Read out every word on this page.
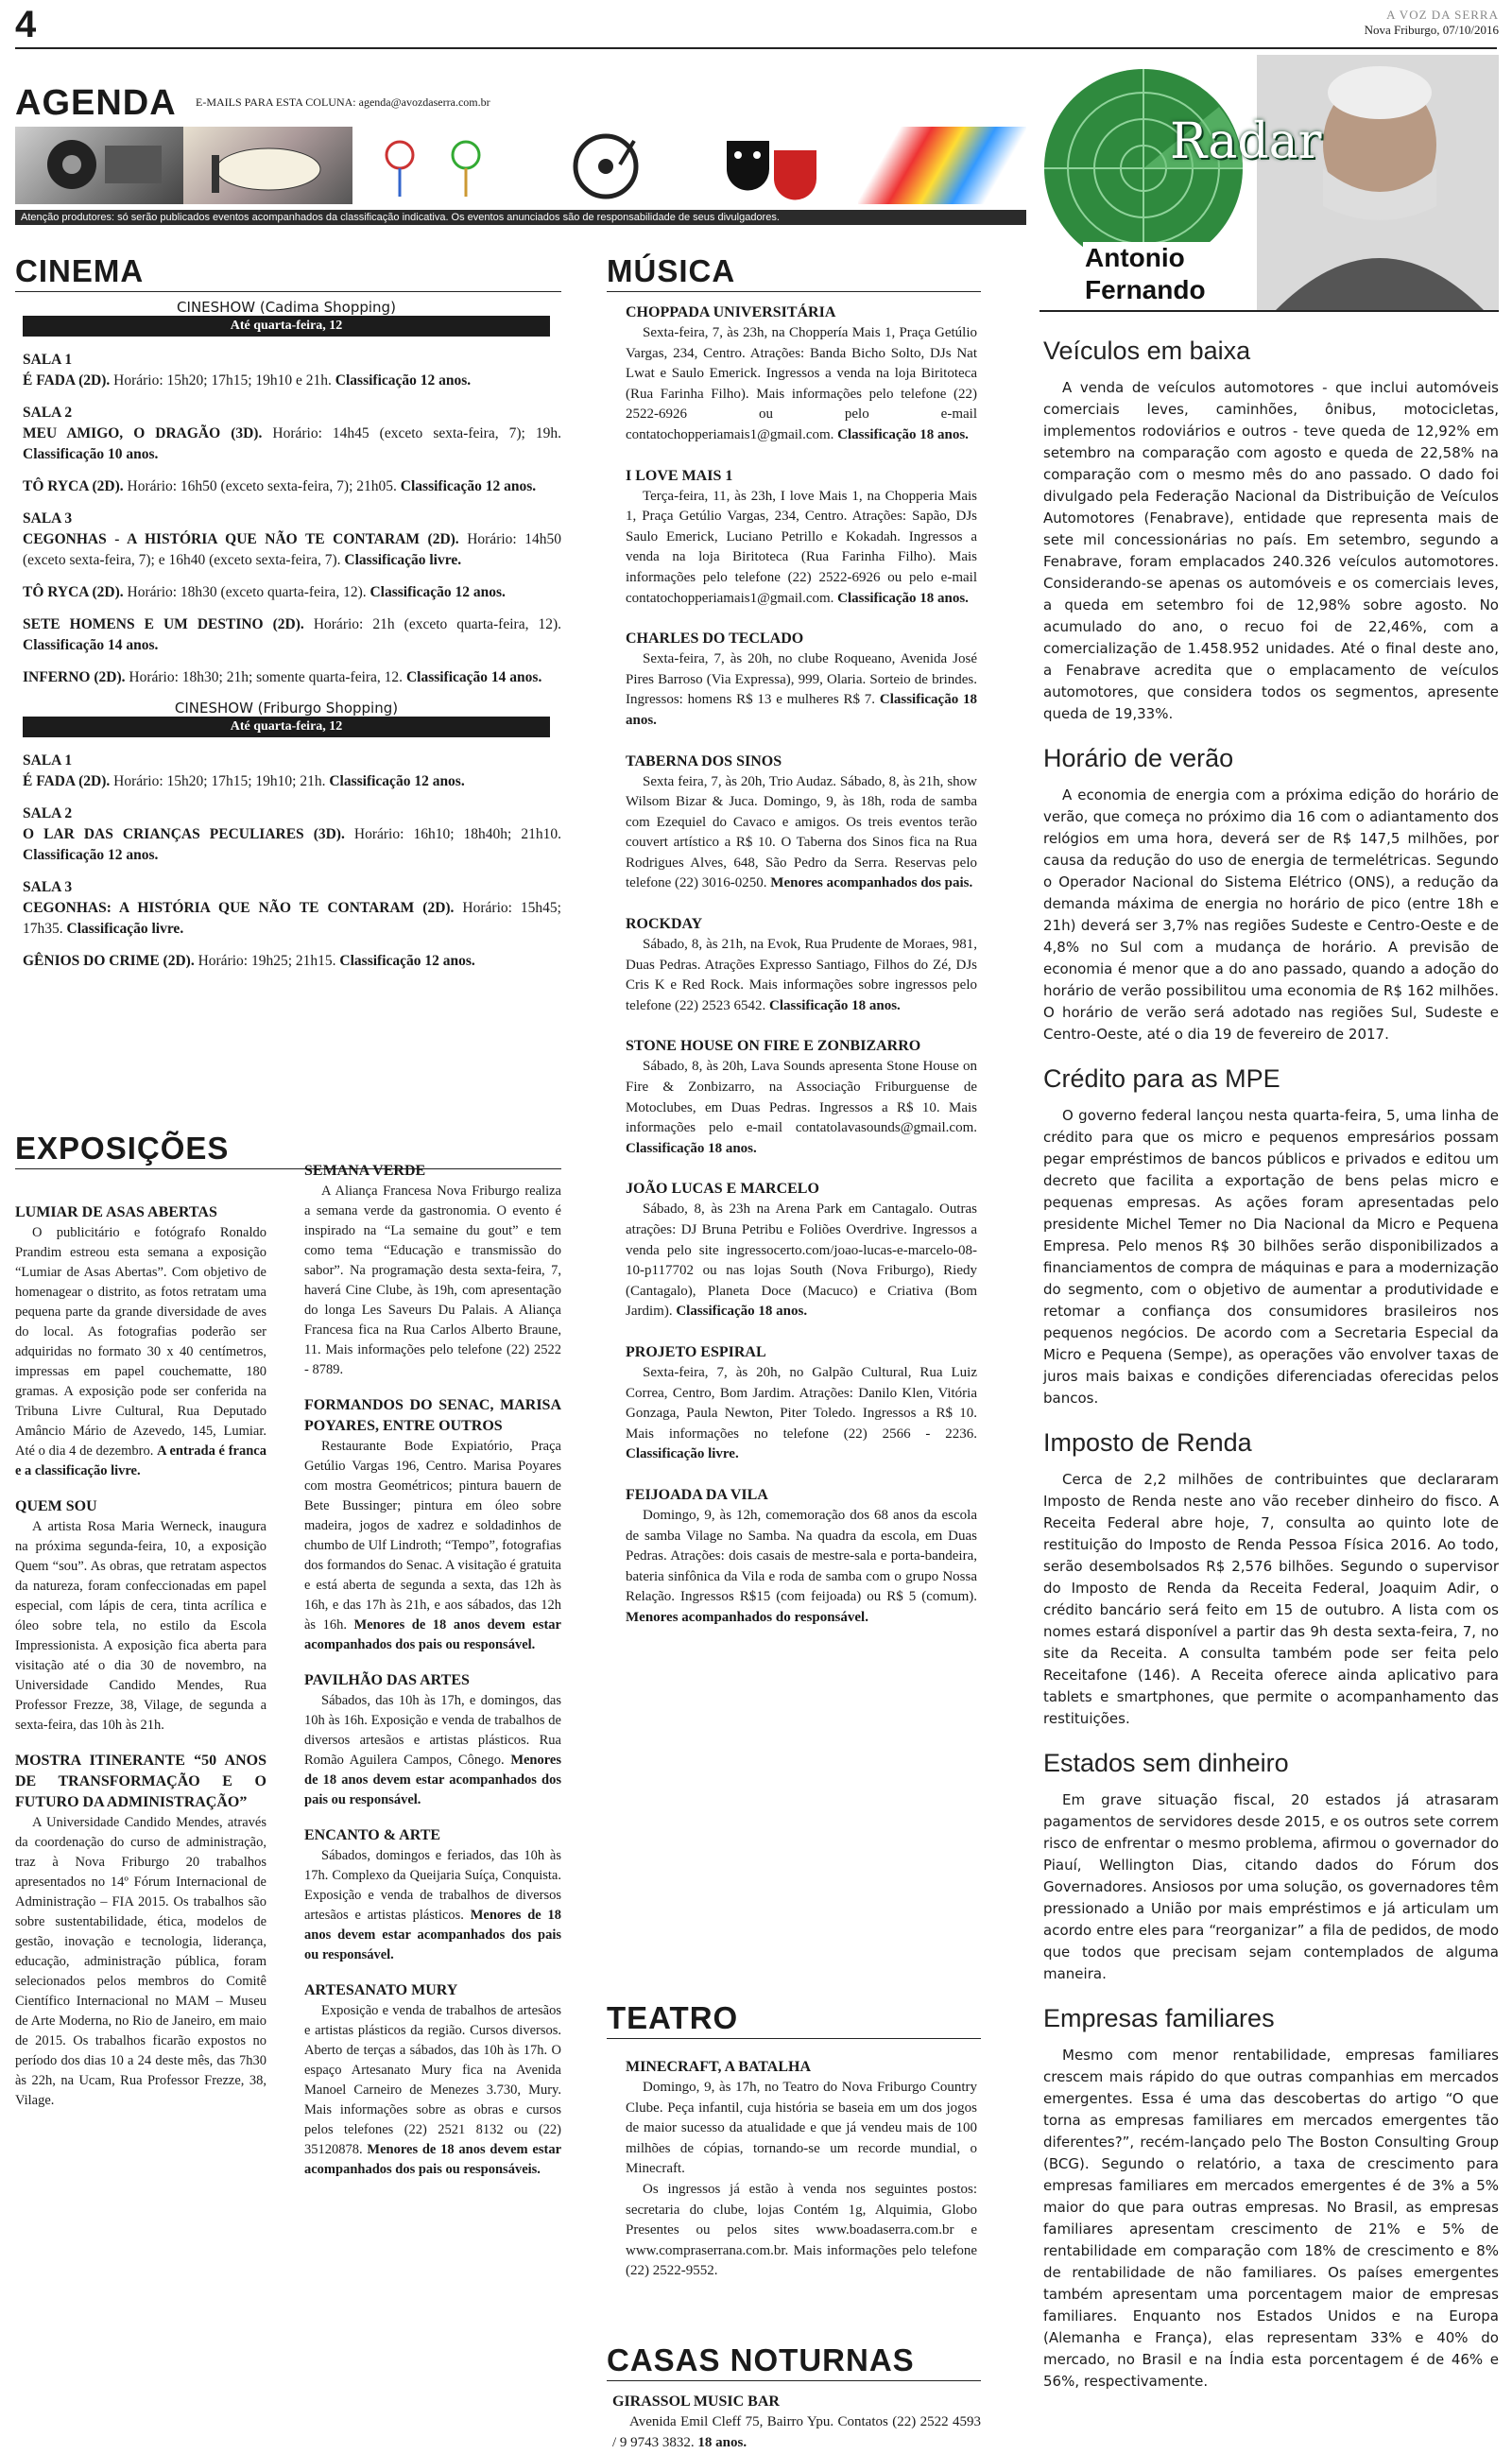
4	A VOZ DA SERRA
Nova Friburgo, 07/10/2016
AGENDA E-MAILS PARA ESTA COLUNA: agenda@avozdaserra.com.br
Atenção produtores: só serão publicados eventos acompanhados da classificação indicativa. Os eventos anunciados são de responsabilidade de seus divulgadores.
Radar
Antonio
Fernando
CINEMA
CINESHOW (Cadima Shopping)
Até quarta-feira, 12
SALA 1
É FADA (2D). Horário: 15h20; 17h15; 19h10 e 21h. Classificação 12 anos.
SALA 2
MEU AMIGO, O DRAGÃO (3D). Horário: 14h45 (exceto sexta-feira, 7); 19h. Classificação 10 anos.
TÔ RYCA (2D). Horário: 16h50 (exceto sexta-feira, 7); 21h05. Classificação 12 anos.
SALA 3
CEGONHAS - A HISTÓRIA QUE NÃO TE CONTARAM (2D). Horário: 14h50 (exceto sexta-feira, 7); e 16h40 (exceto sexta-feira, 7). Classificação livre.
TÔ RYCA (2D). Horário: 18h30 (exceto quarta-feira, 12). Classificação 12 anos.
SETE HOMENS E UM DESTINO (2D). Horário: 21h (exceto quarta-feira, 12). Classificação 14 anos.
INFERNO (2D). Horário: 18h30; 21h; somente quarta-feira, 12. Classificação 14 anos.
CINESHOW (Friburgo Shopping)
Até quarta-feira, 12
SALA 1
É FADA (2D). Horário: 15h20; 17h15; 19h10; 21h. Classificação 12 anos.
SALA 2
O LAR DAS CRIANÇAS PECULIARES (3D). Horário: 16h10; 18h40h; 21h10. Classificação 12 anos.
SALA 3
CEGONHAS: A HISTÓRIA QUE NÃO TE CONTARAM (2D). Horário: 15h45; 17h35. Classificação livre.
GÊNIOS DO CRIME (2D). Horário: 19h25; 21h15. Classificação 12 anos.
EXPOSIÇÕES
LUMIAR DE ASAS ABERTAS
O publicitário e fotógrafo Ronaldo Prandim estreou esta semana a exposição “Lumiar de Asas Abertas”. Com objetivo de homenagear o distrito, as fotos retratam uma pequena parte da grande diversidade de aves do local. As fotografias poderão ser adquiridas no formato 30 x 40 centímetros, impressas em papel couchematte, 180 gramas. A exposição pode ser conferida na Tribuna Livre Cultural, Rua Deputado Amâncio Mário de Azevedo, 145, Lumiar. Até o dia 4 de dezembro. A entrada é franca e a classificação livre.
QUEM SOU
A artista Rosa Maria Werneck, inaugura na próxima segunda-feira, 10, a exposição Quem “sou”. As obras, que retratam aspectos da natureza, foram confeccionadas em papel especial, com lápis de cera, tinta acrílica e óleo sobre tela, no estilo da Escola Impressionista. A exposição fica aberta para visitação até o dia 30 de novembro, na Universidade Candido Mendes, Rua Professor Frezze, 38, Vilage, de segunda a sexta-feira, das 10h às 21h.
MOSTRA ITINERANTE “50 ANOS DE TRANSFORMAÇÃO E O FUTURO DA ADMINISTRAÇÃO”
A Universidade Candido Mendes, através da coordenação do curso de administração, traz à Nova Friburgo 20 trabalhos apresentados no 14º Fórum Internacional de Administração – FIA 2015. Os trabalhos são sobre sustentabilidade, ética, modelos de gestão, inovação e tecnologia, liderança, educação, administração pública, foram selecionados pelos membros do Comitê Científico Internacional no MAM – Museu de Arte Moderna, no Rio de Janeiro, em maio de 2015. Os trabalhos ficarão expostos no período dos dias 10 a 24 deste mês, das 7h30 às 22h, na Ucam, Rua Professor Frezze, 38, Vilage.
SEMANA VERDE
A Aliança Francesa Nova Friburgo realiza a semana verde da gastronomia. O evento é inspirado na “La semaine du gout” e tem como tema “Educação e transmissão do sabor”. Na programação desta sexta-feira, 7, haverá Cine Clube, às 19h, com apresentação do longa Les Saveurs Du Palais. A Aliança Francesa fica na Rua Carlos Alberto Braune, 11. Mais informações pelo telefone (22) 2522 - 8789.
FORMANDOS DO SENAC, MARISA POYARES, ENTRE OUTROS
Restaurante Bode Expiatório, Praça Getúlio Vargas 196, Centro. Marisa Poyares com mostra Geométricos; pintura bauern de Bete Bussinger; pintura em óleo sobre madeira, jogos de xadrez e soldadinhos de chumbo de Ulf Lindroth; “Tempo”, fotografias dos formandos do Senac. A visitação é gratuita e está aberta de segunda a sexta, das 12h às 16h, e das 17h às 21h, e aos sábados, das 12h às 16h. Menores de 18 anos devem estar acompanhados dos pais ou responsável.
PAVILHÃO DAS ARTES
Sábados, das 10h às 17h, e domingos, das 10h às 16h. Exposição e venda de trabalhos de diversos artesãos e artistas plásticos. Rua Romão Aguilera Campos, Cônego. Menores de 18 anos devem estar acompanhados dos pais ou responsável.
ENCANTO & ARTE
Sábados, domingos e feriados, das 10h às 17h. Complexo da Queijaria Suíça, Conquista. Exposição e venda de trabalhos de diversos artesãos e artistas plásticos. Menores de 18 anos devem estar acompanhados dos pais ou responsável.
ARTESANATO MURY
Exposição e venda de trabalhos de artesãos e artistas plásticos da região. Cursos diversos. Aberto de terças a sábados, das 10h às 17h. O espaço Artesanato Mury fica na Avenida Manoel Carneiro de Menezes 3.730, Mury. Mais informações sobre as obras e cursos pelos telefones (22) 2521 8132 ou (22) 35120878. Menores de 18 anos devem estar acompanhados dos pais ou responsáveis.
MÚSICA
CHOPPADA UNIVERSITÁRIA
Sexta-feira, 7, às 23h, na Choppería Mais 1, Praça Getúlio Vargas, 234, Centro. Atrações: Banda Bicho Solto, DJs Nat Lwat e Saulo Emerick. Ingressos a venda na loja Biritoteca (Rua Farinha Filho). Mais informações pelo telefone (22) 2522-6926 ou pelo e-mail contatochopperiamais1@gmail.com. Classificação 18 anos.
I LOVE MAIS 1
Terça-feira, 11, às 23h, I love Mais 1, na Chopperia Mais 1, Praça Getúlio Vargas, 234, Centro. Atrações: Sapão, DJs Saulo Emerick, Luciano Petrillo e Kokadah. Ingressos a venda na loja Biritoteca (Rua Farinha Filho). Mais informações pelo telefone (22) 2522-6926 ou pelo e-mail contatochopperiamais1@gmail.com. Classificação 18 anos.
CHARLES DO TECLADO
Sexta-feira, 7, às 20h, no clube Roqueano, Avenida José Pires Barroso (Via Expressa), 999, Olaria. Sorteio de brindes. Ingressos: homens R$ 13 e mulheres R$ 7. Classificação 18 anos.
TABERNA DOS SINOS
Sexta feira, 7, às 20h, Trio Audaz. Sábado, 8, às 21h, show Wilsom Bizar & Juca. Domingo, 9, às 18h, roda de samba com Ezequiel do Cavaco e amigos. Os treis eventos terão couvert artístico a R$ 10. O Taberna dos Sinos fica na Rua Rodrigues Alves, 648, São Pedro da Serra. Reservas pelo telefone (22) 3016-0250. Menores acompanhados dos pais.
ROCKDAY
Sábado, 8, às 21h, na Evok, Rua Prudente de Moraes, 981, Duas Pedras. Atrações Expresso Santiago, Filhos do Zé, DJs Cris K e Red Rock. Mais informações sobre ingressos pelo telefone (22) 2523 6542. Classificação 18 anos.
STONE HOUSE ON FIRE E ZONBIZARRO
Sábado, 8, às 20h, Lava Sounds apresenta Stone House on Fire & Zonbizarro, na Associação Friburguense de Motoclubes, em Duas Pedras. Ingressos a R$ 10. Mais informações pelo e-mail contatolavasounds@gmail.com. Classificação 18 anos.
JOÃO LUCAS E MARCELO
Sábado, 8, às 23h na Arena Park em Cantagalo. Outras atrações: DJ Bruna Petribu e Foliões Overdrive. Ingressos a venda pelo site ingressocerto.com/joao-lucas-e-marcelo-08-10-p117702 ou nas lojas South (Nova Friburgo), Riedy (Cantagalo), Planeta Doce (Macuco) e Criativa (Bom Jardim). Classificação 18 anos.
PROJETO ESPIRAL
Sexta-feira, 7, às 20h, no Galpão Cultural, Rua Luiz Correa, Centro, Bom Jardim. Atrações: Danilo Klen, Vitória Gonzaga, Paula Newton, Piter Toledo. Ingressos a R$ 10. Mais informações no telefone (22) 2566 - 2236. Classificação livre.
FEIJOADA DA VILA
Domingo, 9, às 12h, comemoração dos 68 anos da escola de samba Vilage no Samba. Na quadra da escola, em Duas Pedras. Atrações: dois casais de mestre-sala e porta-bandeira, bateria sinfônica da Vila e roda de samba com o grupo Nossa Relação. Ingressos R$15 (com feijoada) ou R$ 5 (comum). Menores acompanhados do responsável.
TEATRO
MINECRAFT, A BATALHA
Domingo, 9, às 17h, no Teatro do Nova Friburgo Country Clube. Peça infantil, cuja história se baseia em um dos jogos de maior sucesso da atualidade e que já vendeu mais de 100 milhões de cópias, tornando-se um recorde mundial, o Minecraft.
Os ingressos já estão à venda nos seguintes postos: secretaria do clube, lojas Contém 1g, Alquimia, Globo Presentes ou pelos sites www.boadaserra.com.br e www.compraserrana.com.br. Mais informações pelo telefone (22) 2522-9552.
CASAS NOTURNAS
GIRASSOL MUSIC BAR
Avenida Emil Cleff 75, Bairro Ypu. Contatos (22) 2522 4593 / 9 9743 3832. 18 anos.
Veículos em baixa
A venda de veículos automotores - que inclui automóveis comerciais leves, caminhões, ônibus, motocicletas, implementos rodoviários e outros - teve queda de 12,92% em setembro na comparação com agosto e queda de 22,58% na comparação com o mesmo mês do ano passado. O dado foi divulgado pela Federação Nacional da Distribuição de Veículos Automotores (Fenabrave), entidade que representa mais de sete mil concessionárias no país. Em setembro, segundo a Fenabrave, foram emplacados 240.326 veículos automotores. Considerando-se apenas os automóveis e os comerciais leves, a queda em setembro foi de 12,98% sobre agosto. No acumulado do ano, o recuo foi de 22,46%, com a comercialização de 1.458.952 unidades. Até o final deste ano, a Fenabrave acredita que o emplacamento de veículos automotores, que considera todos os segmentos, apresente queda de 19,33%.
Horário de verão
A economia de energia com a próxima edição do horário de verão, que começa no próximo dia 16 com o adiantamento dos relógios em uma hora, deverá ser de R$ 147,5 milhões, por causa da redução do uso de energia de termelétricas. Segundo o Operador Nacional do Sistema Elétrico (ONS), a redução da demanda máxima de energia no horário de pico (entre 18h e 21h) deverá ser 3,7% nas regiões Sudeste e Centro-Oeste e de 4,8% no Sul com a mudança de horário. A previsão de economia é menor que a do ano passado, quando a adoção do horário de verão possibilitou uma economia de R$ 162 milhões. O horário de verão será adotado nas regiões Sul, Sudeste e Centro-Oeste, até o dia 19 de fevereiro de 2017.
Crédito para as MPE
O governo federal lançou nesta quarta-feira, 5, uma linha de crédito para que os micro e pequenos empresários possam pegar empréstimos de bancos públicos e privados e editou um decreto que facilita a exportação de bens pelas micro e pequenas empresas. As ações foram apresentadas pelo presidente Michel Temer no Dia Nacional da Micro e Pequena Empresa. Pelo menos R$ 30 bilhões serão disponibilizados a financiamentos de compra de máquinas e para a modernização do segmento, com o objetivo de aumentar a produtividade e retomar a confiança dos consumidores brasileiros nos pequenos negócios. De acordo com a Secretaria Especial da Micro e Pequena (Sempe), as operações vão envolver taxas de juros mais baixas e condições diferenciadas oferecidas pelos bancos.
Imposto de Renda
Cerca de 2,2 milhões de contribuintes que declararam Imposto de Renda neste ano vão receber dinheiro do fisco. A Receita Federal abre hoje, 7, consulta ao quinto lote de restituição do Imposto de Renda Pessoa Física 2016. Ao todo, serão desembolsados R$ 2,576 bilhões. Segundo o supervisor do Imposto de Renda da Receita Federal, Joaquim Adir, o crédito bancário será feito em 15 de outubro. A lista com os nomes estará disponível a partir das 9h desta sexta-feira, 7, no site da Receita. A consulta também pode ser feita pelo Receitafone (146). A Receita oferece ainda aplicativo para tablets e smartphones, que permite o acompanhamento das restituições.
Estados sem dinheiro
Em grave situação fiscal, 20 estados já atrasaram pagamentos de servidores desde 2015, e os outros sete correm risco de enfrentar o mesmo problema, afirmou o governador do Piauí, Wellington Dias, citando dados do Fórum dos Governadores. Ansiosos por uma solução, os governadores têm pressionado a União por mais empréstimos e já articulam um acordo entre eles para “reorganizar” a fila de pedidos, de modo que todos que precisam sejam contemplados de alguma maneira.
Empresas familiares
Mesmo com menor rentabilidade, empresas familiares crescem mais rápido do que outras companhias em mercados emergentes. Essa é uma das descobertas do artigo “O que torna as empresas familiares em mercados emergentes tão diferentes?”, recém-lançado pelo The Boston Consulting Group (BCG). Segundo o relatório, a taxa de crescimento para empresas familiares em mercados emergentes é de 3% a 5% maior do que para outras empresas. No Brasil, as empresas familiares apresentam crescimento de 21% e 5% de rentabilidade em comparação com 18% de crescimento e 8% de rentabilidade de não familiares. Os países emergentes também apresentam uma porcentagem maior de empresas familiares. Enquanto nos Estados Unidos e na Europa (Alemanha e França), elas representam 33% e 40% do mercado, no Brasil e na Índia esta porcentagem é de 46% e 56%, respectivamente.
